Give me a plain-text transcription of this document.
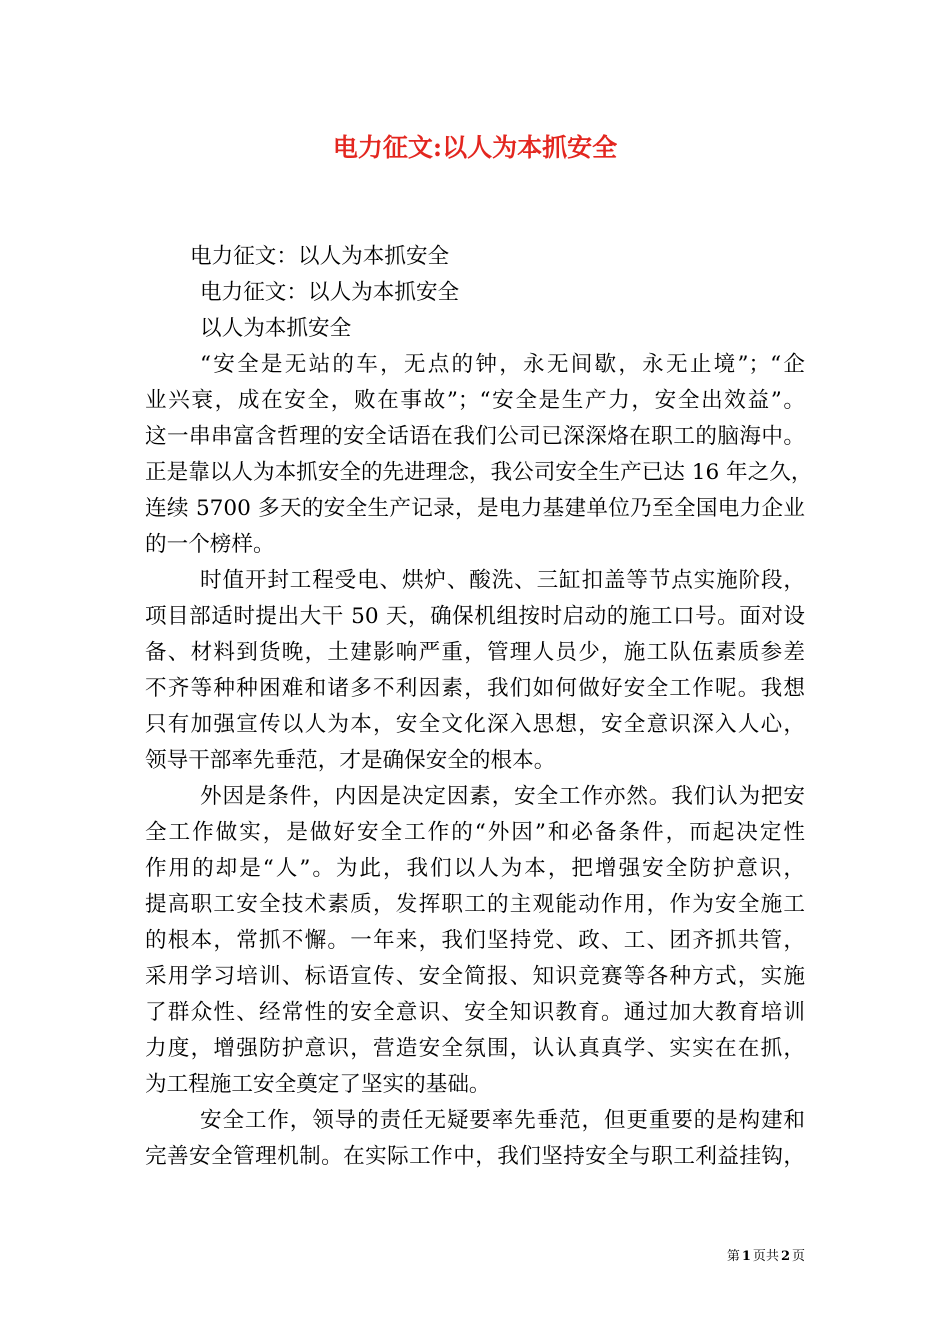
电力征文:以人为本抓安全
电力征文：以人为本抓安全
电力征文：以人为本抓安全
以人为本抓安全
“安全是无站的车，无点的钟，永无间歇，永无止境”；“企
业兴衰，成在安全，败在事故”；“安全是生产力，安全出效益”。
这一串串富含哲理的安全话语在我们公司已深深烙在职工的脑海中。
正是靠以人为本抓安全的先进理念，我公司安全生产已达 16 年之久，
连续 5700 多天的安全生产记录，是电力基建单位乃至全国电力企业
的一个榜样。
时值开封工程受电、烘炉、酸洗、三缸扣盖等节点实施阶段，
项目部适时提出大干 50 天，确保机组按时启动的施工口号。面对设
备、材料到货晚，土建影响严重，管理人员少，施工队伍素质参差
不齐等种种困难和诸多不利因素，我们如何做好安全工作呢。我想
只有加强宣传以人为本，安全文化深入思想，安全意识深入人心，
领导干部率先垂范，才是确保安全的根本。
外因是条件，内因是决定因素，安全工作亦然。我们认为把安
全工作做实，是做好安全工作的“外因”和必备条件，而起决定性
作用的却是“人”。为此，我们以人为本，把增强安全防护意识，
提高职工安全技术素质，发挥职工的主观能动作用，作为安全施工
的根本，常抓不懈。一年来，我们坚持党、政、工、团齐抓共管，
采用学习培训、标语宣传、安全简报、知识竞赛等各种方式，实施
了群众性、经常性的安全意识、安全知识教育。通过加大教育培训
力度，增强防护意识，营造安全氛围，认认真真学、实实在在抓，
为工程施工安全奠定了坚实的基础。
安全工作，领导的责任无疑要率先垂范，但更重要的是构建和
完善安全管理机制。在实际工作中，我们坚持安全与职工利益挂钩，
第 1 页共 2 页
